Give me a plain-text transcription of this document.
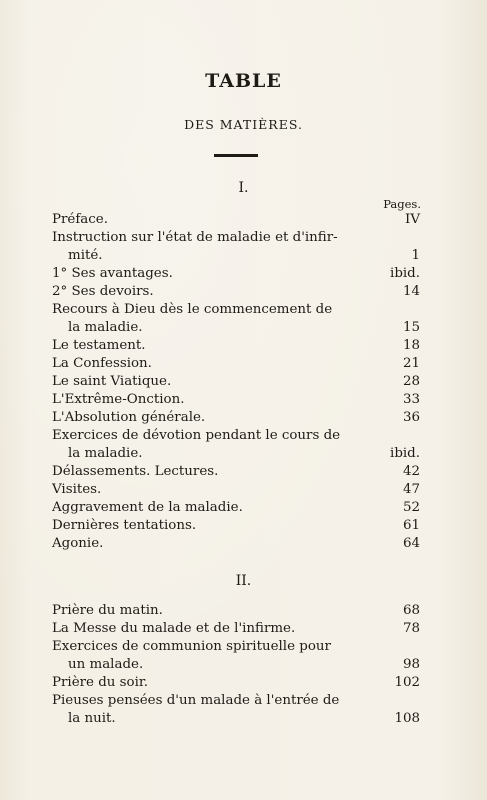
TABLE
DES MATIÈRES.
I.
Pages.
Préface.	IV
Instruction sur l'état de maladie et d'infir-
mité.	1
1° Ses avantages.	ibid.
2° Ses devoirs.	14
Recours à Dieu dès le commencement de
la maladie.	15
Le testament.	18
La Confession.	21
Le saint Viatique.	28
L'Extrême-Onction.	33
L'Absolution générale.	36
Exercices de dévotion pendant le cours de
la maladie.	ibid.
Délassements. Lectures.	42
Visites.	47
Aggravement de la maladie.	52
Dernières tentations.	61
Agonie.	64
II.
Prière du matin.	68
La Messe du malade et de l'infirme.	78
Exercices de communion spirituelle pour
un malade.	98
Prière du soir.	102
Pieuses pensées d'un malade à l'entrée de
la nuit.	108
